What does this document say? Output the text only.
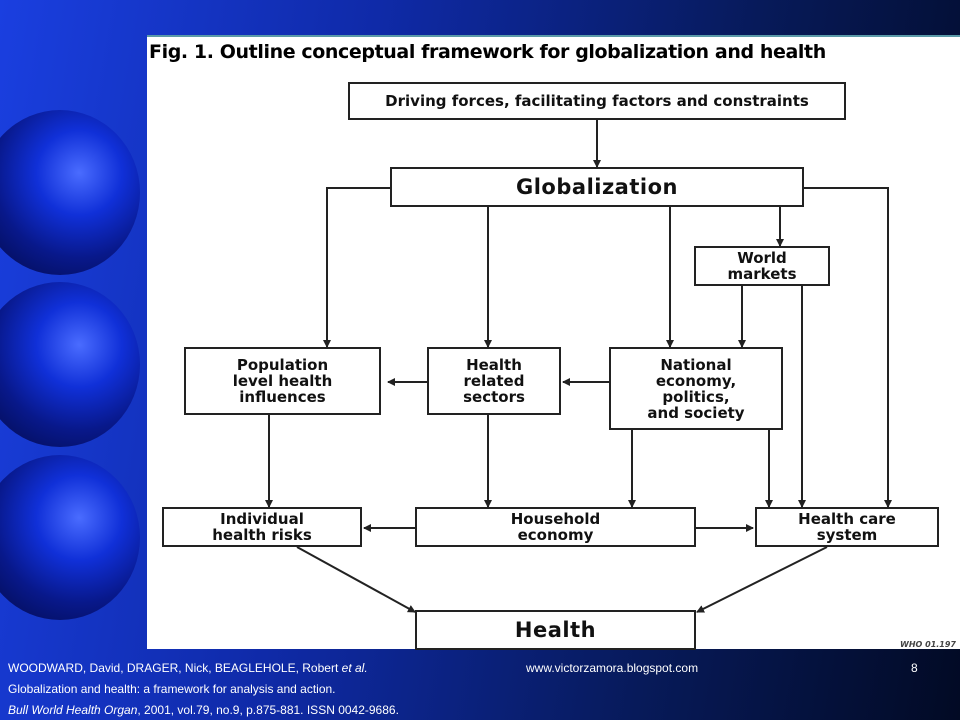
Fig. 1. Outline conceptual framework for globalization and health
Driving forces, facilitating factors and constraints
Globalization
World
markets
Population
level health
influences
Health
related
sectors
National
economy,
politics,
and society
Individual
health risks
Household
economy
Health care
system
Health
WHO 01.197
WOODWARD, David, DRAGER, Nick, BEAGLEHOLE, Robert et al.
Globalization and health: a framework for analysis and action.
Bull World Health Organ, 2001, vol.79, no.9, p.875-881. ISSN 0042-9686.
www.victorzamora.blogspot.com	8
